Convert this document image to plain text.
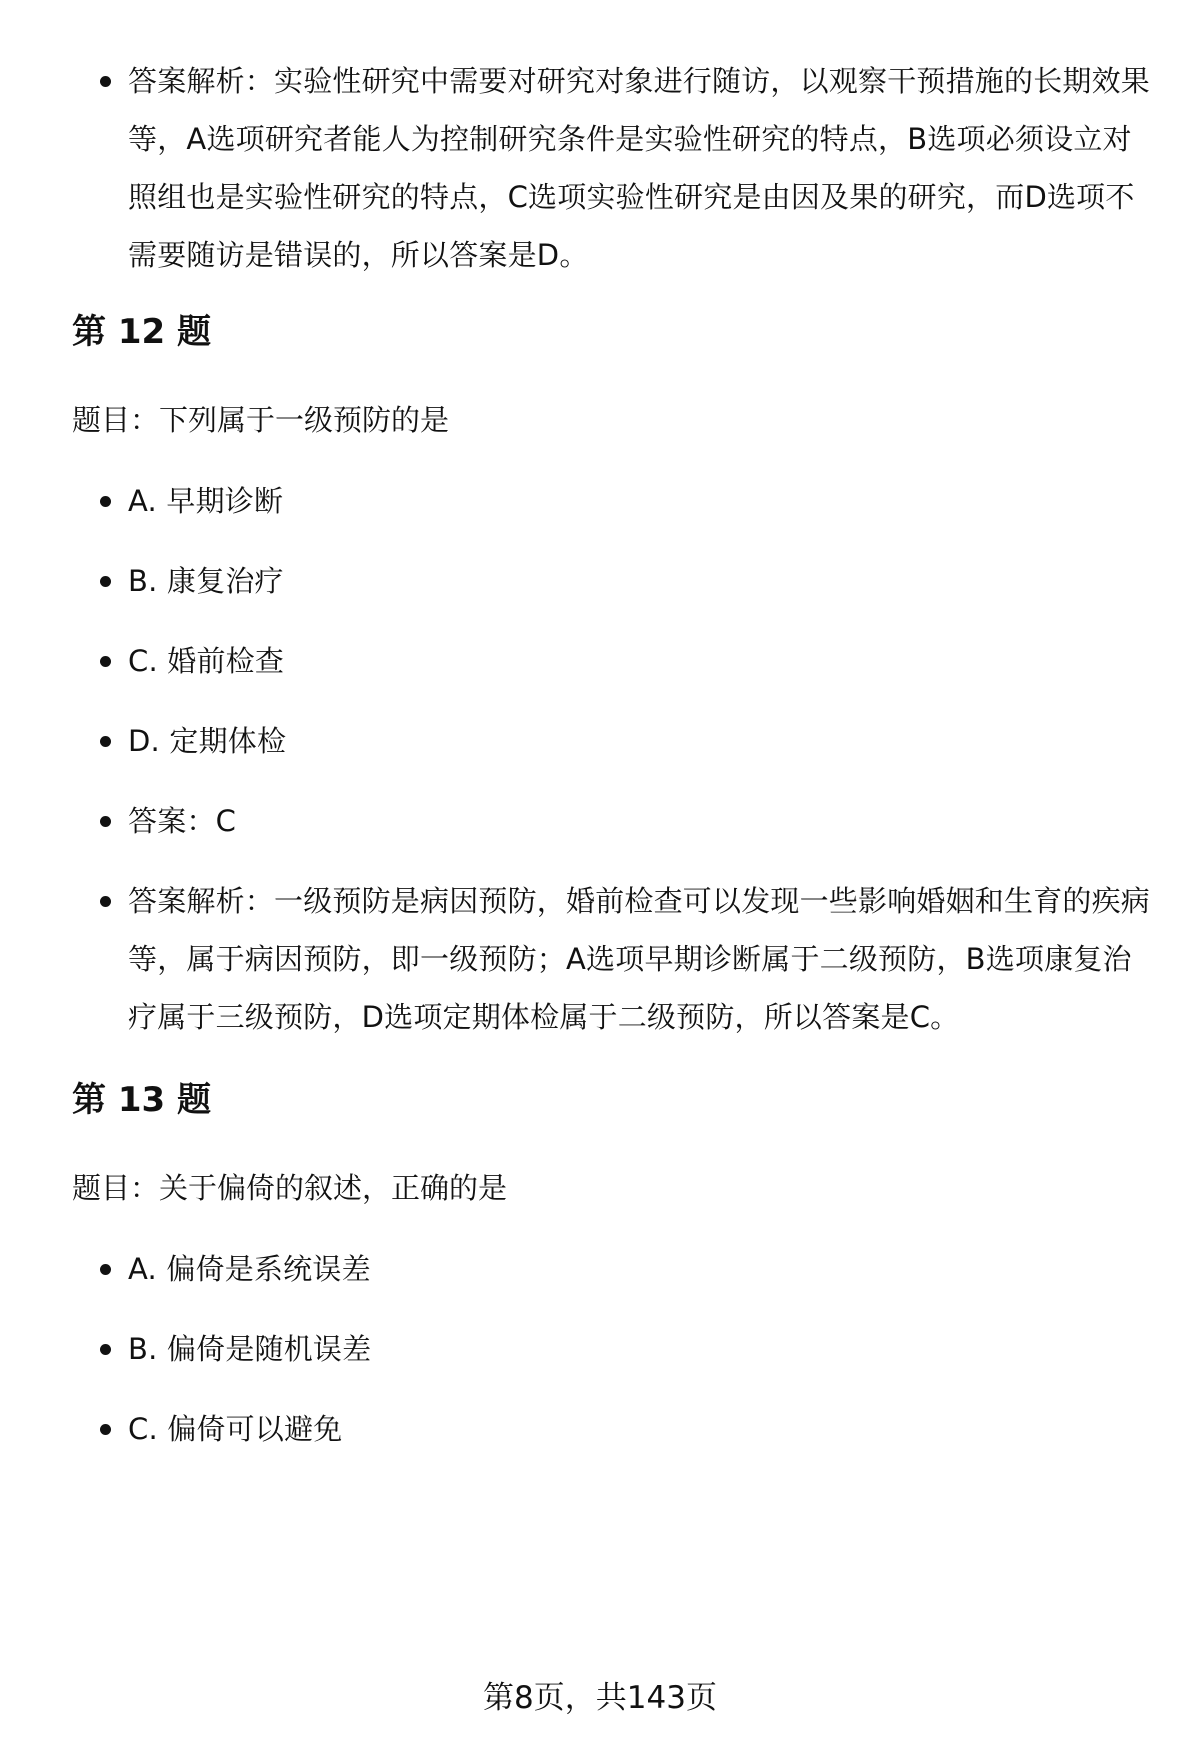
答案解析：实验性研究中需要对研究对象进行随访，以观察干预措施的长期效果等，A选项研究者能人为控制研究条件是实验性研究的特点，B选项必须设立对照组也是实验性研究的特点，C选项实验性研究是由因及果的研究，而D选项不需要随访是错误的，所以答案是D。
第 12 题
题目：下列属于一级预防的是
A. 早期诊断
B. 康复治疗
C. 婚前检查
D. 定期体检
答案：C
答案解析：一级预防是病因预防，婚前检查可以发现一些影响婚姻和生育的疾病等，属于病因预防，即一级预防；A选项早期诊断属于二级预防，B选项康复治疗属于三级预防，D选项定期体检属于二级预防，所以答案是C。
第 13 题
题目：关于偏倚的叙述，正确的是
A. 偏倚是系统误差
B. 偏倚是随机误差
C. 偏倚可以避免
第8页，共143页
